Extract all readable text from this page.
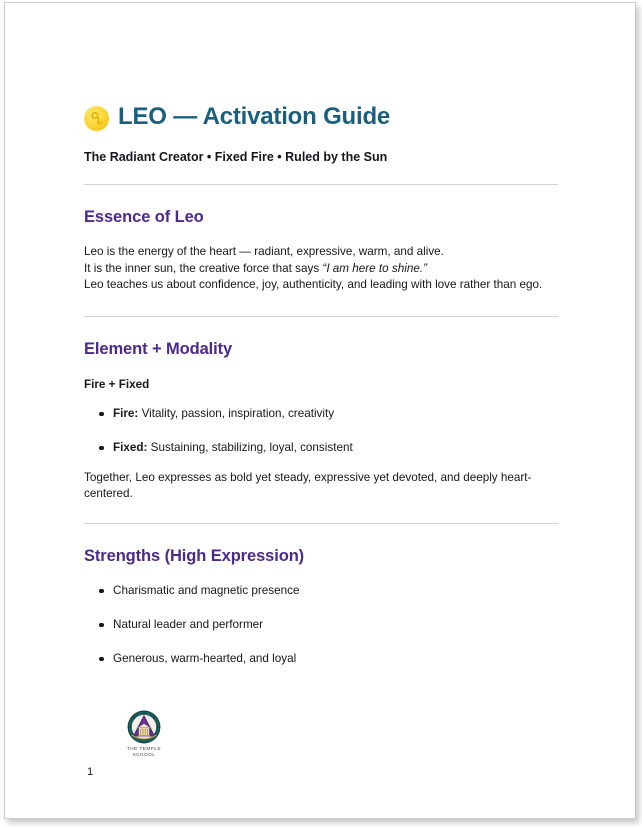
LEO — Activation Guide
The Radiant Creator • Fixed Fire • Ruled by the Sun
Essence of Leo

Leo is the energy of the heart — radiant, expressive, warm, and alive.
It is the inner sun, the creative force that says “I am here to shine.”
Leo teaches us about confidence, joy, authenticity, and leading with love rather than ego.

Element + Modality

Fire + Fixed

Fire: Vitality, passion, inspiration, creativity
Fixed: Sustaining, stabilizing, loyal, consistent

Together, Leo expresses as bold yet steady, expressive yet devoted, and deeply heart-centered.

Strengths (High Expression)
Charismatic and magnetic presence
Natural leader and performer
Generous, warm-hearted, and loyal
1
THE TEMPLE
SCHOOL
